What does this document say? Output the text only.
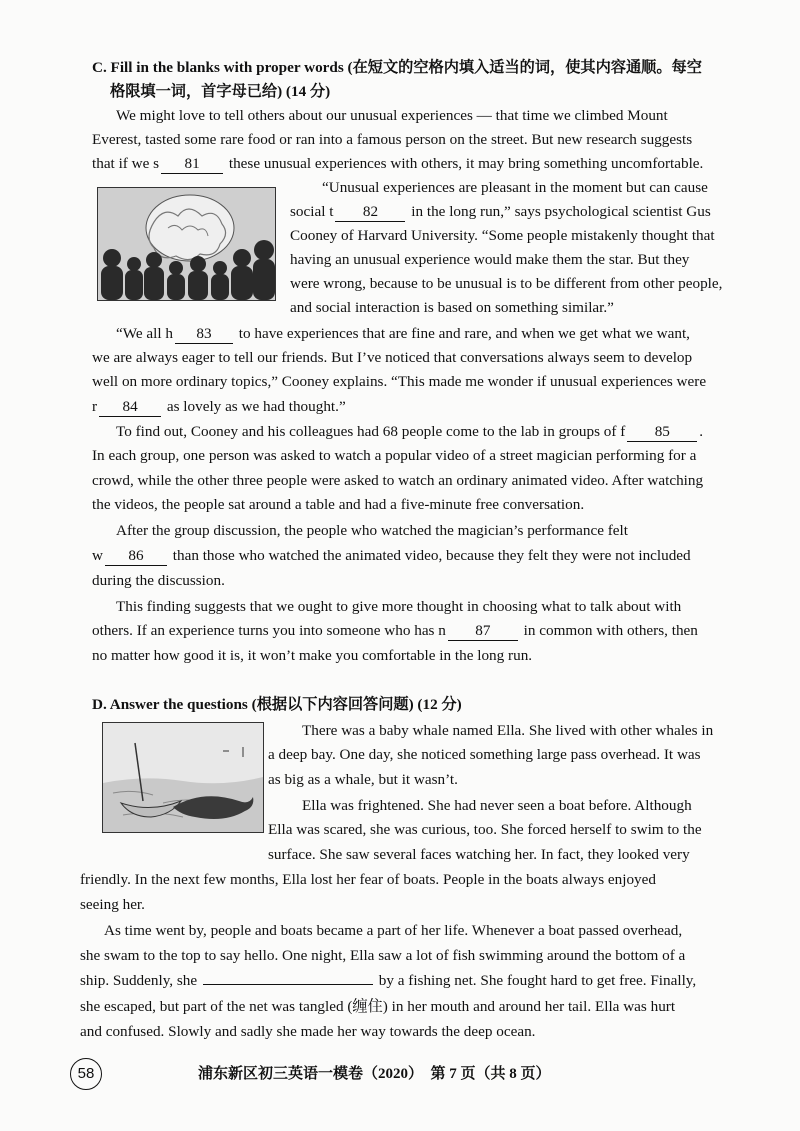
C. Fill in the blanks with proper words (在短文的空格内填入适当的词，使其内容通顺。每空
格限填一词，首字母已给) (14 分)
We might love to tell others about our unusual experiences — that time we climbed Mount
Everest, tasted some rare food or ran into a famous person on the street. But new research suggests
that if we s 81 these unusual experiences with others, it may bring something uncomfortable.
“Unusual experiences are pleasant in the moment but can cause
social t 82 in the long run,” says psychological scientist Gus
Cooney of Harvard University. “Some people mistakenly thought that
having an unusual experience would make them the star. But they
were wrong, because to be unusual is to be different from other people,
and social interaction is based on something similar.”
“We all h 83 to have experiences that are fine and rare, and when we get what we want,
we are always eager to tell our friends. But I’ve noticed that conversations always seem to develop
well on more ordinary topics,” Cooney explains. “This made me wonder if unusual experiences were
r 84 as lovely as we had thought.”
To find out, Cooney and his colleagues had 68 people come to the lab in groups of f 85 .
In each group, one person was asked to watch a popular video of a street magician performing for a
crowd, while the other three people were asked to watch an ordinary animated video. After watching
the videos, the people sat around a table and had a five-minute free conversation.
After the group discussion, the people who watched the magician’s performance felt
w 86 than those who watched the animated video, because they felt they were not included
during the discussion.
This finding suggests that we ought to give more thought in choosing what to talk about with
others. If an experience turns you into someone who has n 87 in common with others, then
no matter how good it is, it won’t make you comfortable in the long run.
D. Answer the questions (根据以下内容回答问题) (12 分)
There was a baby whale named Ella. She lived with other whales in
a deep bay. One day, she noticed something large pass overhead. It was
as big as a whale, but it wasn’t.
Ella was frightened. She had never seen a boat before. Although
Ella was scared, she was curious, too. She forced herself to swim to the
surface. She saw several faces watching her. In fact, they looked very
friendly. In the next few months, Ella lost her fear of boats. People in the boats always enjoyed
seeing her.
As time went by, people and boats became a part of her life. Whenever a boat passed overhead,
she swam to the top to say hello. One night, Ella saw a lot of fish swimming around the bottom of a
ship. Suddenly, she	by a fishing net. She fought hard to get free. Finally,
she escaped, but part of the net was tangled (缠住) in her mouth and around her tail. Ella was hurt
and confused. Slowly and sadly she made her way towards the deep ocean.
58	浦东新区初三英语一模卷（2020）　第 7 页（共 8 页）
